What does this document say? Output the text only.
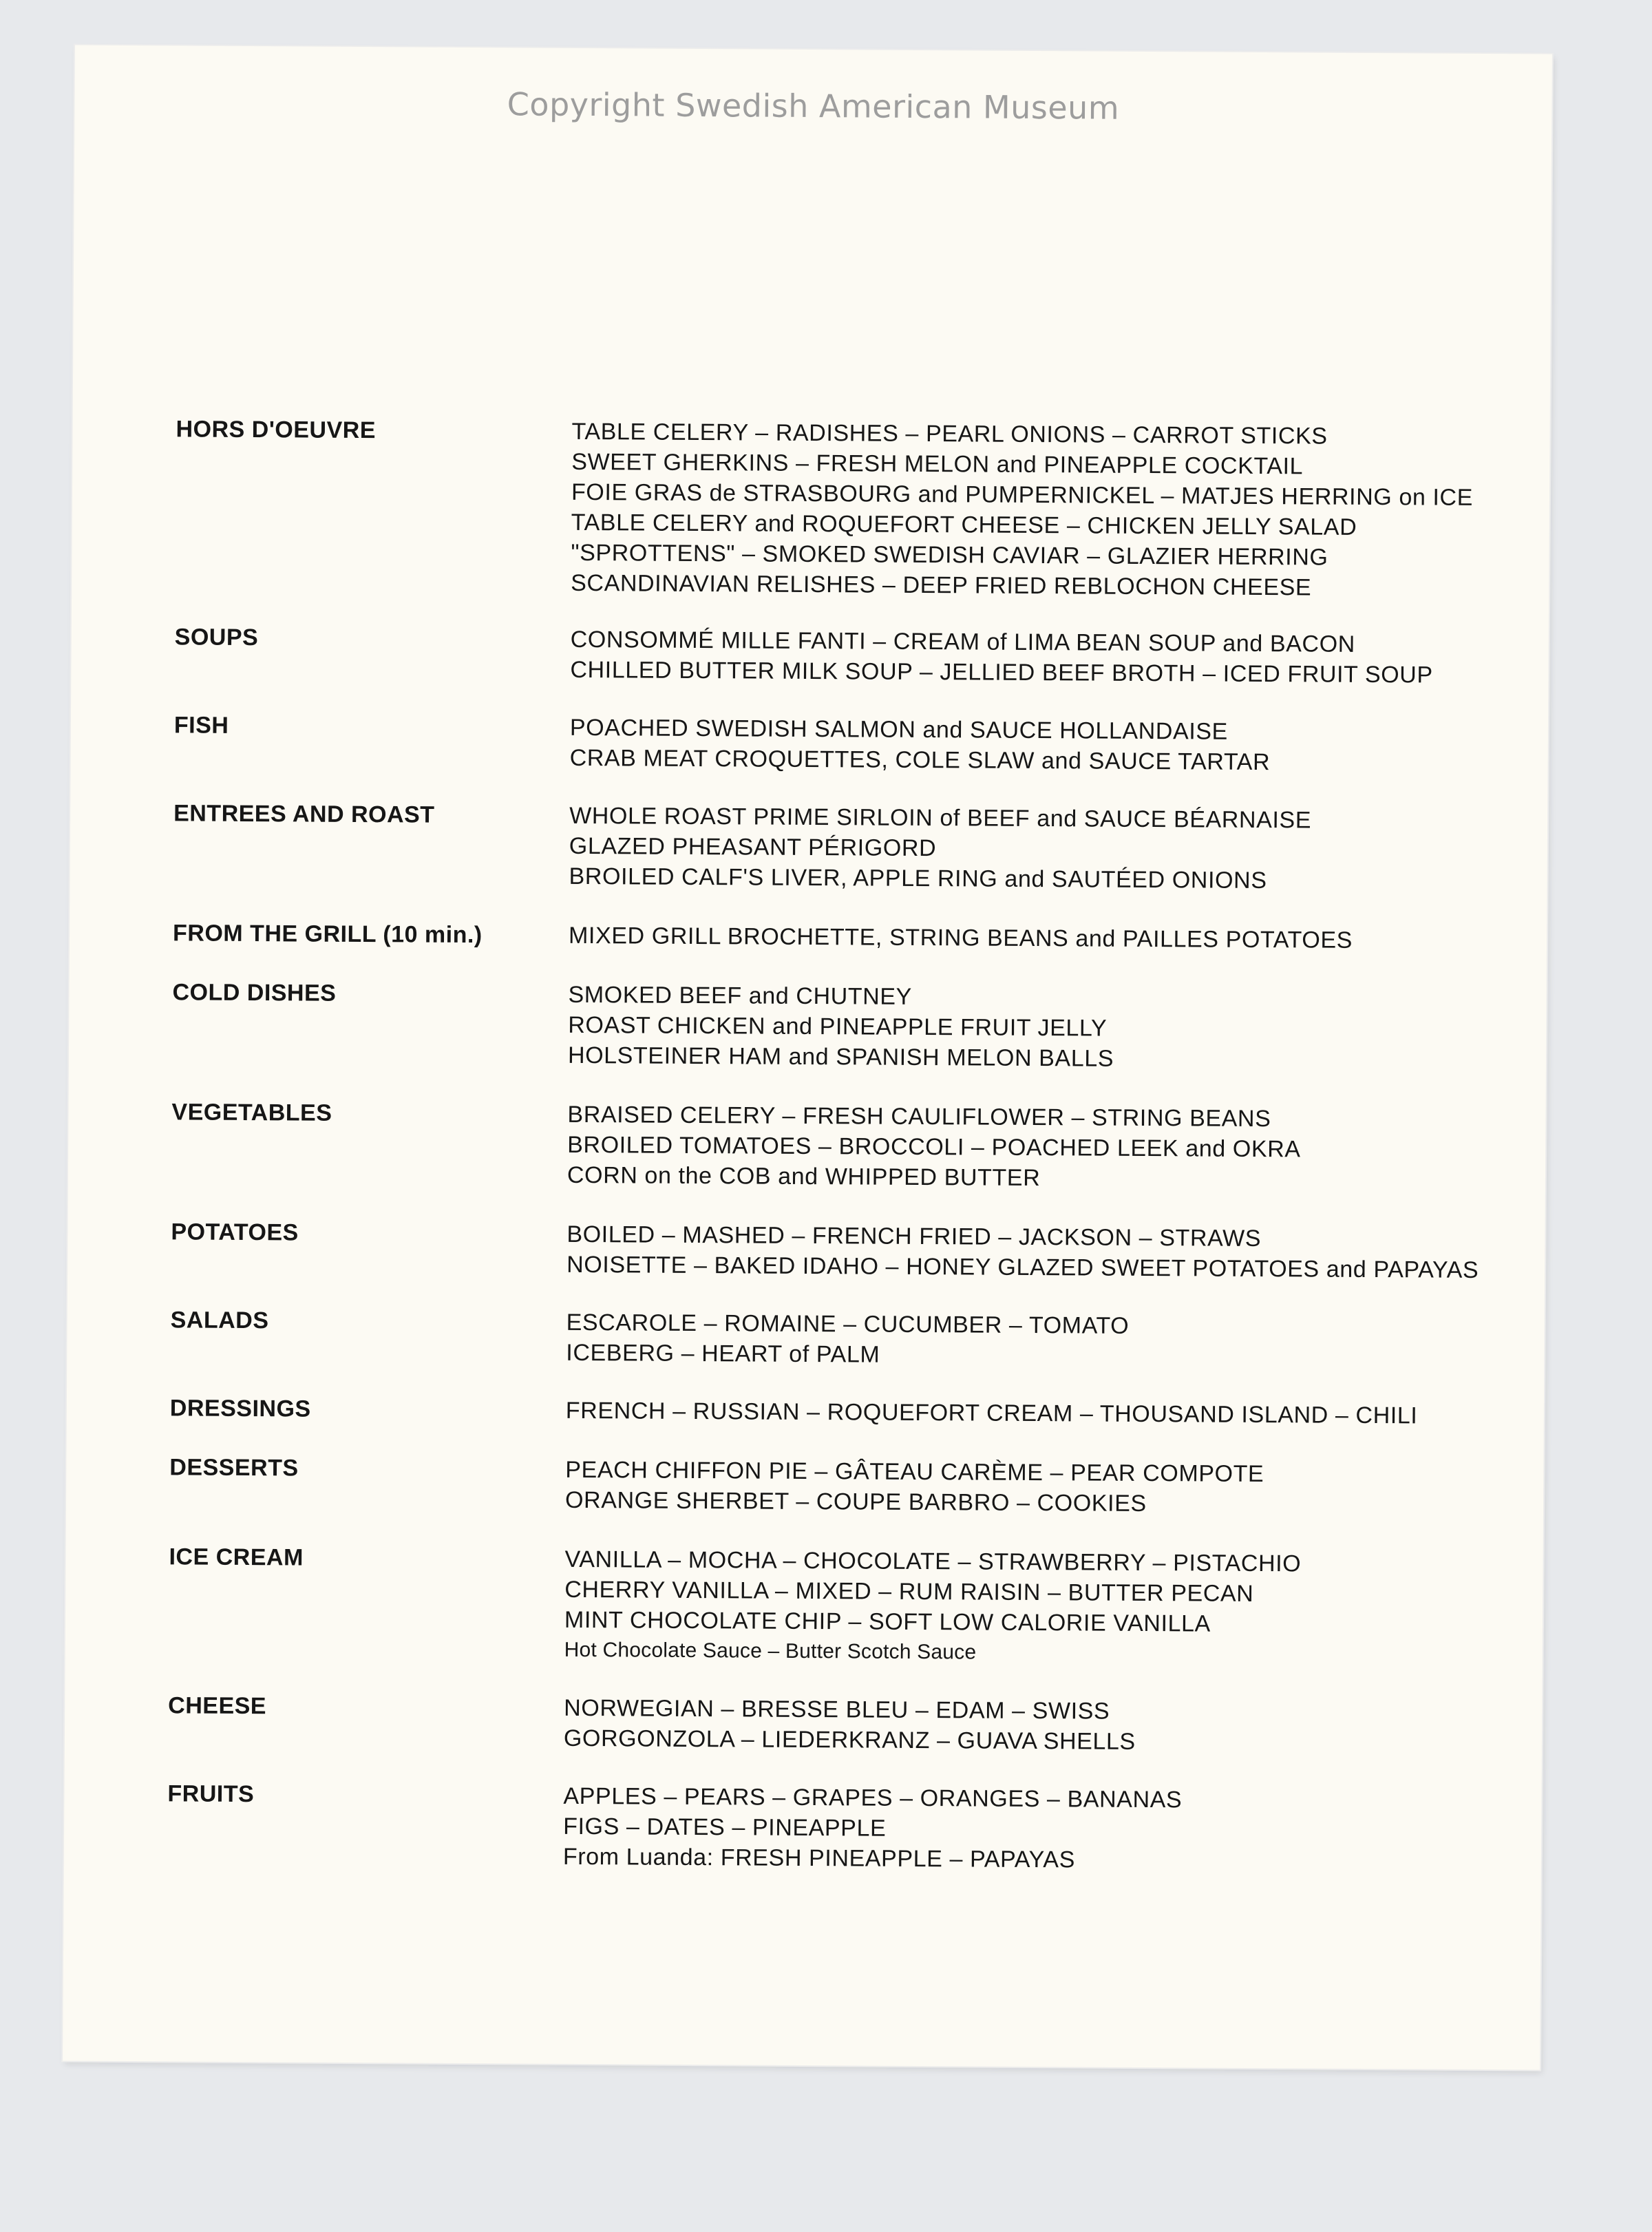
Copyright Swedish American Museum
HORS D'OEUVRE	TABLE CELERY – RADISHES – PEARL ONIONS – CARROT STICKS
SWEET GHERKINS – FRESH MELON and PINEAPPLE COCKTAIL
FOIE GRAS de STRASBOURG and PUMPERNICKEL – MATJES HERRING on ICE
TABLE CELERY and ROQUEFORT CHEESE – CHICKEN JELLY SALAD
"SPROTTENS" – SMOKED SWEDISH CAVIAR – GLAZIER HERRING
SCANDINAVIAN RELISHES – DEEP FRIED REBLOCHON CHEESE
SOUPS	CONSOMMÉ MILLE FANTI – CREAM of LIMA BEAN SOUP and BACON
CHILLED BUTTER MILK SOUP – JELLIED BEEF BROTH – ICED FRUIT SOUP
FISH	POACHED SWEDISH SALMON and SAUCE HOLLANDAISE
CRAB MEAT CROQUETTES, COLE SLAW and SAUCE TARTAR
ENTREES AND ROAST	WHOLE ROAST PRIME SIRLOIN of BEEF and SAUCE BÉARNAISE
GLAZED PHEASANT PÉRIGORD
BROILED CALF'S LIVER, APPLE RING and SAUTÉED ONIONS
FROM THE GRILL (10 min.)	MIXED GRILL BROCHETTE, STRING BEANS and PAILLES POTATOES
COLD DISHES	SMOKED BEEF and CHUTNEY
ROAST CHICKEN and PINEAPPLE FRUIT JELLY
HOLSTEINER HAM and SPANISH MELON BALLS
VEGETABLES	BRAISED CELERY – FRESH CAULIFLOWER – STRING BEANS
BROILED TOMATOES – BROCCOLI – POACHED LEEK and OKRA
CORN on the COB and WHIPPED BUTTER
POTATOES	BOILED – MASHED – FRENCH FRIED – JACKSON – STRAWS
NOISETTE – BAKED IDAHO – HONEY GLAZED SWEET POTATOES and PAPAYAS
SALADS	ESCAROLE – ROMAINE – CUCUMBER – TOMATO
ICEBERG – HEART of PALM
DRESSINGS	FRENCH – RUSSIAN – ROQUEFORT CREAM – THOUSAND ISLAND – CHILI
DESSERTS	PEACH CHIFFON PIE – GÂTEAU CARÈME – PEAR COMPOTE
ORANGE SHERBET – COUPE BARBRO – COOKIES
ICE CREAM	VANILLA – MOCHA – CHOCOLATE – STRAWBERRY – PISTACHIO
CHERRY VANILLA – MIXED – RUM RAISIN – BUTTER PECAN
MINT CHOCOLATE CHIP – SOFT LOW CALORIE VANILLA
Hot Chocolate Sauce – Butter Scotch Sauce
CHEESE	NORWEGIAN – BRESSE BLEU – EDAM – SWISS
GORGONZOLA – LIEDERKRANZ – GUAVA SHELLS
FRUITS	APPLES – PEARS – GRAPES – ORANGES – BANANAS
FIGS – DATES – PINEAPPLE
From Luanda: FRESH PINEAPPLE – PAPAYAS
